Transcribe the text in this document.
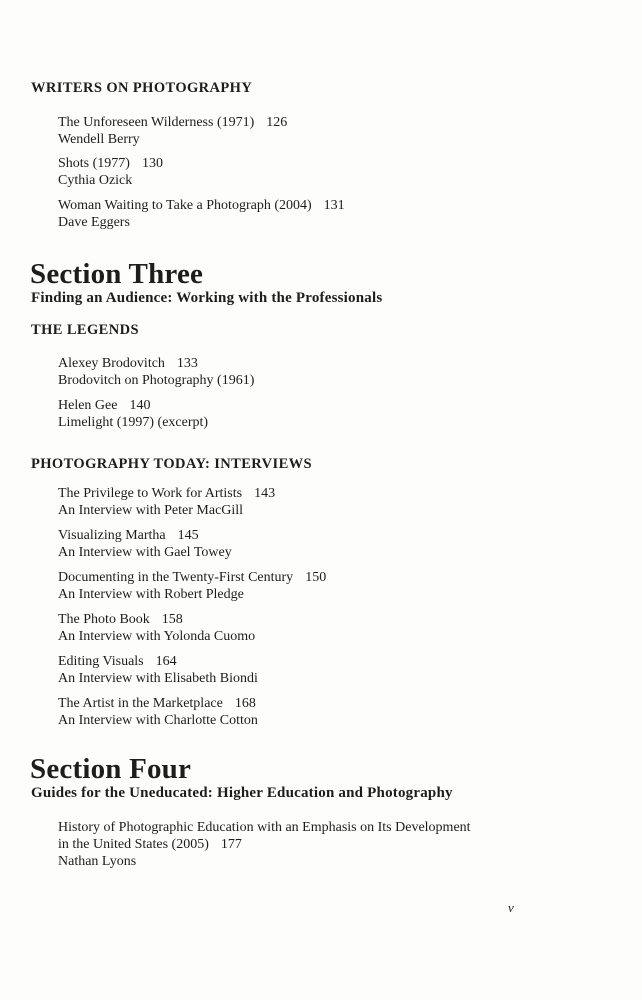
WRITERS ON PHOTOGRAPHY
The Unforeseen Wilderness (1971) 126
Wendell Berry
Shots (1977) 130
Cythia Ozick
Woman Waiting to Take a Photograph (2004) 131
Dave Eggers
Section Three
Finding an Audience: Working with the Professionals
THE LEGENDS
Alexey Brodovitch 133
Brodovitch on Photography (1961)
Helen Gee 140
Limelight (1997) (excerpt)
PHOTOGRAPHY TODAY: INTERVIEWS
The Privilege to Work for Artists 143
An Interview with Peter MacGill
Visualizing Martha 145
An Interview with Gael Towey
Documenting in the Twenty-First Century 150
An Interview with Robert Pledge
The Photo Book 158
An Interview with Yolonda Cuomo
Editing Visuals 164
An Interview with Elisabeth Biondi
The Artist in the Marketplace 168
An Interview with Charlotte Cotton
Section Four
Guides for the Uneducated: Higher Education and Photography
History of Photographic Education with an Emphasis on Its Development
in the United States (2005) 177
Nathan Lyons
v
